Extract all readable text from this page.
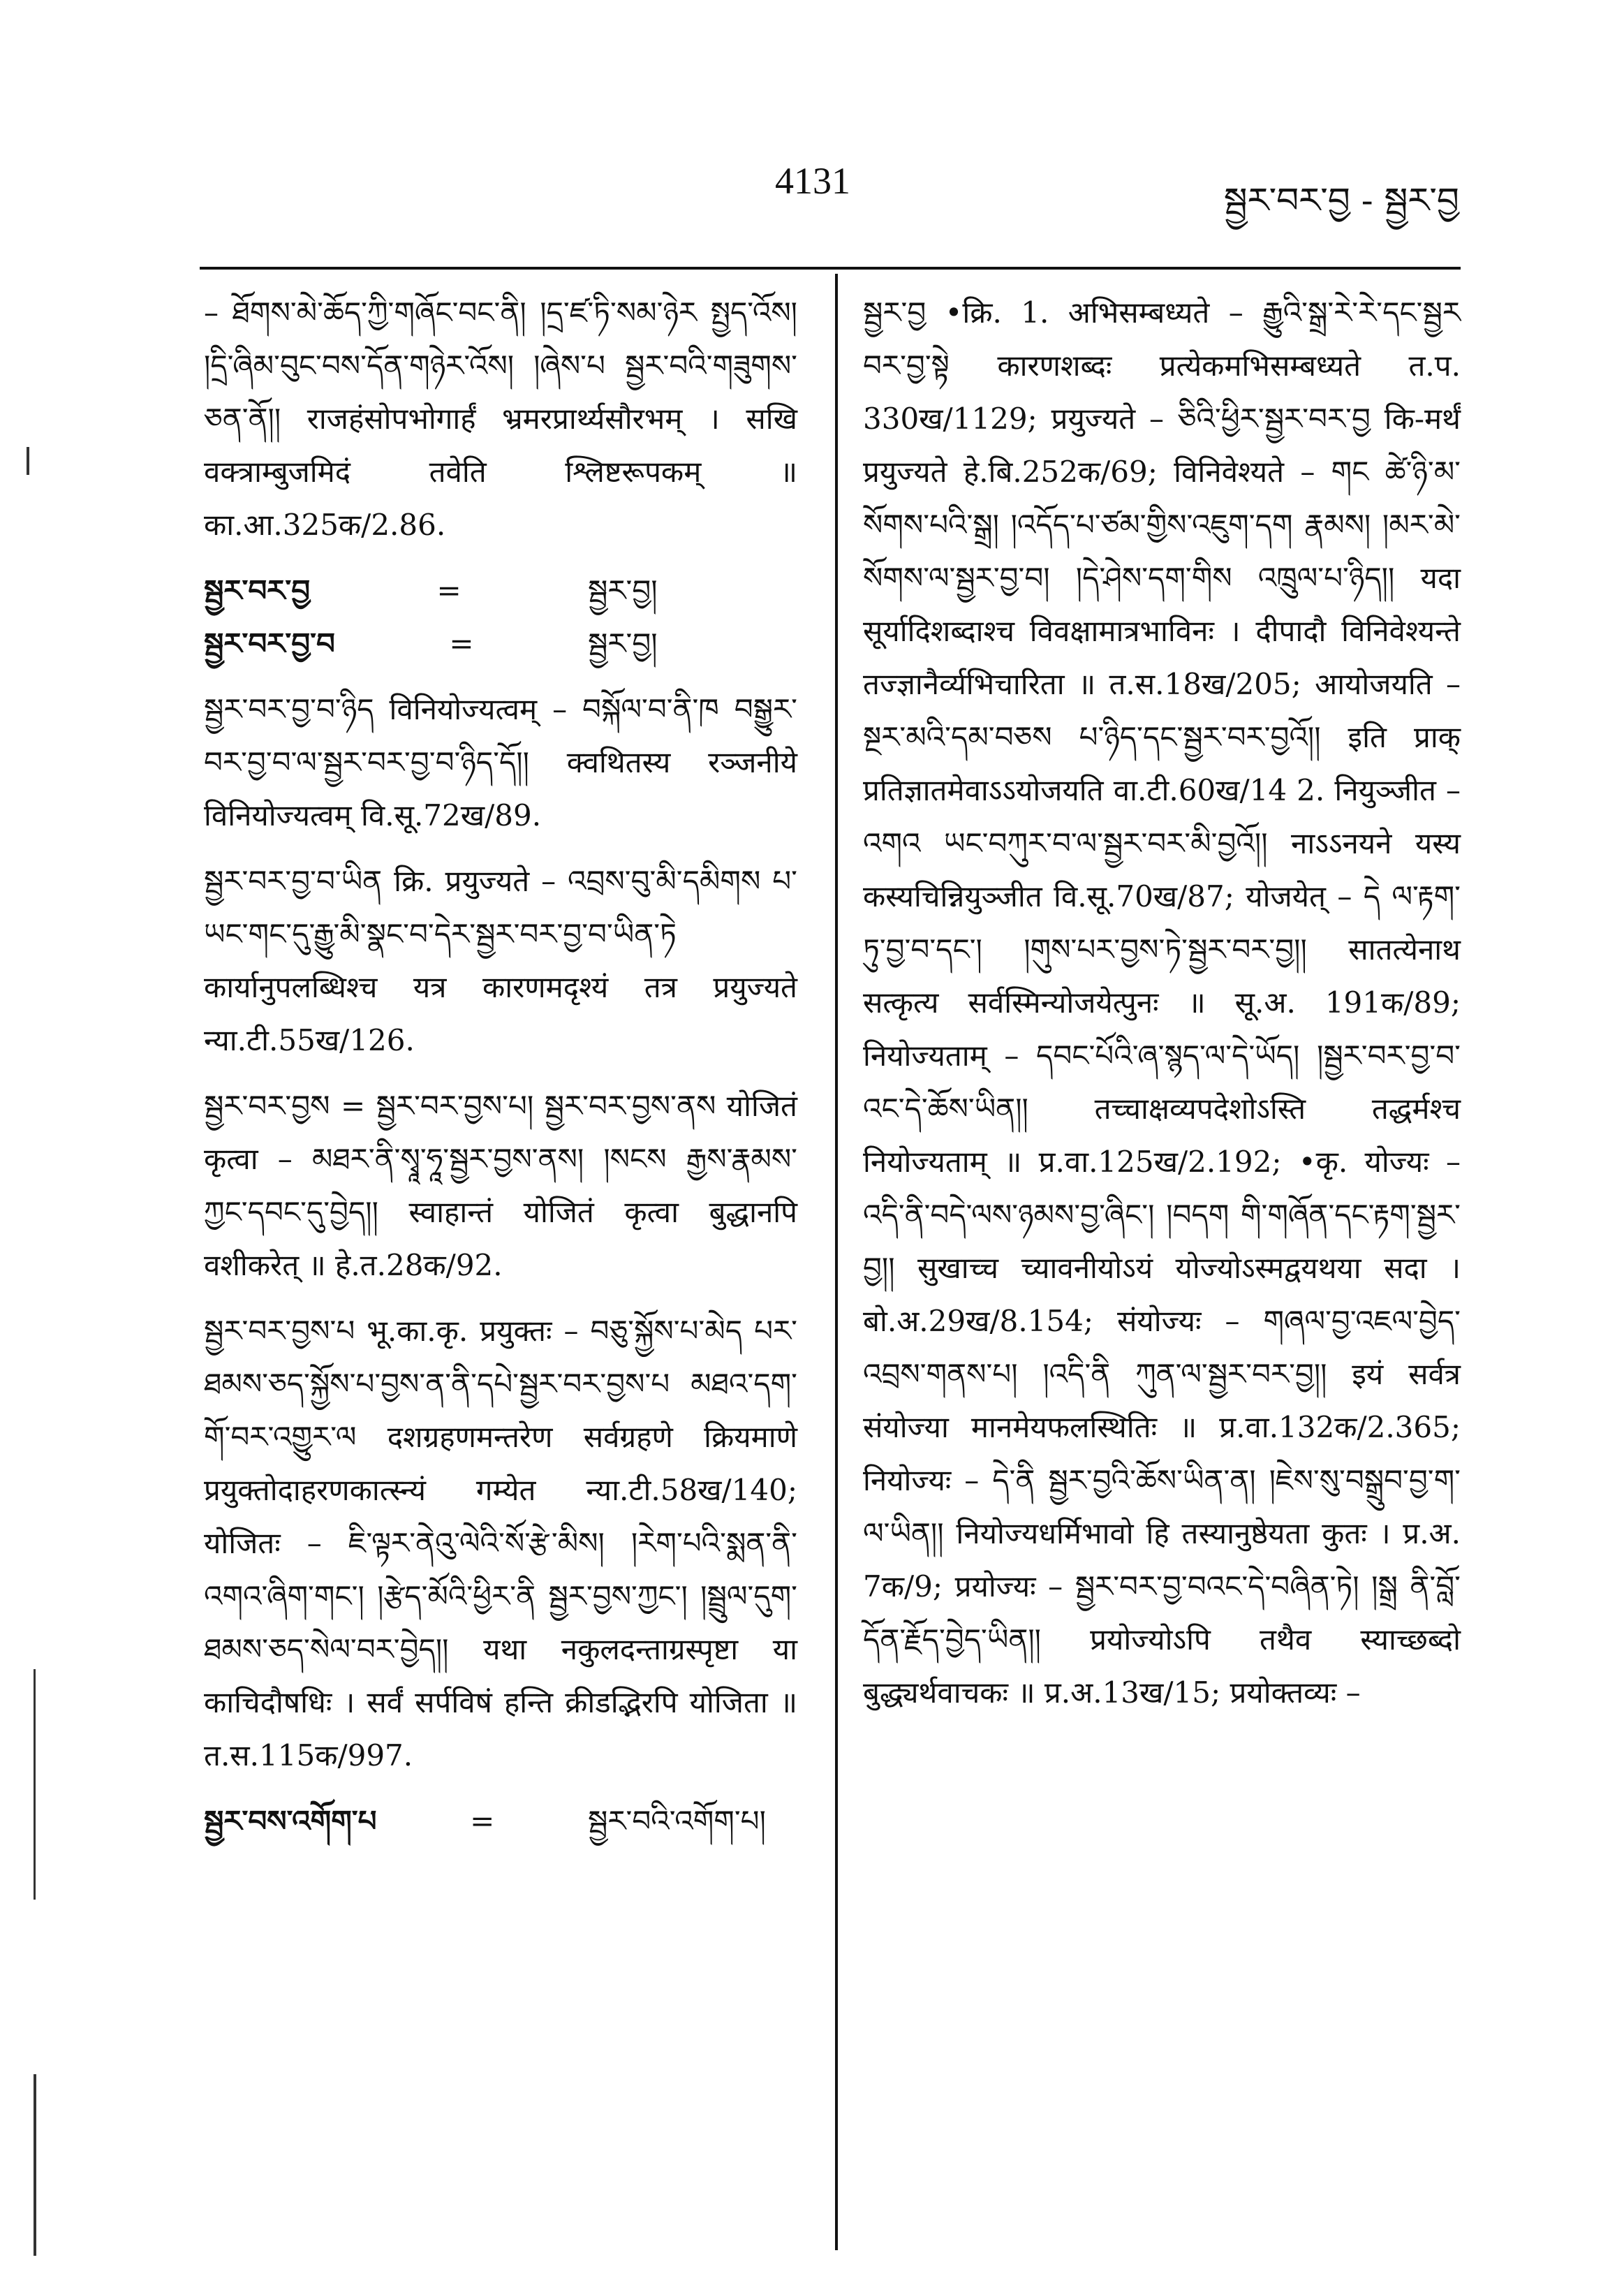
4131	སྦྱར་བར་བྱ - སྦྱར་བྱ

– ཐོགས་མེ་ཆོད་ཀྱི་གཞོང་བང་ནི། །དྲ་ཛ་ཏི་སམ་ཉེར སྤྱད་འོས། །དྲི་ཞིམ་བུང་བས་དོན་གཉེར་འོས། །ཞེས་པ སྦྱར་བའི་གཟུགས་ཅན་ནོ།། राजहंसोपभोगार्हं भ्रमरप्रार्थ्यसौरभम् । सखि वक्त्राम्बुजमिदं तवेति श्लिष्टरूपकम् ॥ का.आ.325क/2.86.

སྦྱར་བར་བྱ	=	སྦྱར་བྱ།
སྦྱར་བར་བྱ་བ	=	སྦྱར་བྱ།

སྦྱར་བར་བྱ་བ་ཉིད विनियोज्यत्वम् – བསྐོལ་བ་ནི་ཁ བསྒྱུར་བར་བྱ་བ་ལ་སྦྱར་བར་བྱ་བ་ཉིད་དོ།། क्वथितस्य रञ्जनीये विनियोज्यत्वम् वि.सू.72ख/89.

སྦྱར་བར་བྱ་བ་ཡིན क्रि. प्रयुज्यते – འབྲས་བུ་མི་དམིགས པ་ཡང་གང་དུ་རྒྱུ་མི་སྣང་བ་དེར་སྦྱར་བར་བྱ་བ་ཡིན་ཏེ कार्यानुपलब्धिश्च यत्र कारणमदृश्यं तत्र प्रयुज्यते न्या.टी.55ख/126.

སྦྱར་བར་བྱས = སྦྱར་བར་བྱས་པ། སྦྱར་བར་བྱས་ནས योजितं कृत्वा – མཐར་ནི་སྭཱ་ཧཱ་སྦྱར་བྱས་ནས། །སངས རྒྱས་རྣམས་ཀྱང་དབང་དུ་བྱེད།། स्वाहान्तं योजितं कृत्वा बुद्धानपि वशीकरेत् ॥ हे.त.28क/92.

སྦྱར་བར་བྱས་པ भू.का.कृ. प्रयुक्तः – བཅུ་སྐྱོས་པ་མེད པར་ཐམས་ཅད་སྐྱོས་པ་བྱས་ན་ནི་དཔེ་སྦྱར་བར་བྱས་པ མཐའ་དག་གོ་བར་འགྱུར་ལ दशग्रहणमन्तरेण सर्वग्रहणे क्रियमाणे प्रयुक्तोदाहरणकात्स्न्यं गम्येत न्या.टी.58ख/140; योजितः – ཇི་ལྟར་ནེའུ་ལེའི་སོ་རྩེ་མིས། །རེག་པའི་སྨན་ནི་འགའ་ཞིག་གང་། །རྩེད་མོའི་ཕྱིར་ནི སྦྱར་བྱས་ཀྱང་། །སྦྲུལ་དུག་ཐམས་ཅད་སེལ་བར་བྱེད།། यथा नकुलदन्ताग्रस्पृष्टा या काचिदौषधिः । सर्वं सर्पविषं हन्ति क्रीडद्भिरपि योजिता ॥ त.स.115क/997.

སྦྱར་བས་འགོག་པ	=	སྦྱར་བའི་འགོག་པ།

སྦྱར་བྱ •क्रि. 1. अभिसम्बध्यते – རྒྱུའི་སྒྲ་རེ་རེ་དང་སྦྱར བར་བྱ་སྟེ कारणशब्दः प्रत्येकमभिसम्बध्यते त.प. 330ख/1129; प्रयुज्यते – ཅིའི་ཕྱིར་སྦྱར་བར་བྱ कि-मर्थं प्रयुज्यते हे.बि.252क/69; विनिवेश्यते – གང ཚེ་ཉི་མ་སོགས་པའི་སྒྲ། །འདོད་པ་ཙམ་གྱིས་འཇུག་དག རྣམས། །མར་མེ་སོགས་ལ་སྦྱར་བྱ་བ། །དེ་ཤེས་དག་གིས འཁྲུལ་པ་ཉིད།། यदा सूर्यादिशब्दाश्च विवक्षामात्रभाविनः । दीपादौ विनिवेश्यन्ते तज्ज्ञानैर्व्यभिचारिता ॥ त.स.18ख/205; आयोजयति – སྔར་མའི་དམ་བཅས པ་ཉིད་དང་སྦྱར་བར་བྱའོ།། इति प्राक् प्रतिज्ञातमेवाऽऽयोजयति वा.टी.60ख/14 2. नियुञ्जीत – འགའ ཡང་བཀུར་བ་ལ་སྦྱར་བར་མི་བྱའོ།། नाऽऽनयने यस्य कस्यचिन्नियुञ्जीत वि.सू.70ख/87; योजयेत् – དེ ལ་རྟག་ཏུ་བྱ་བ་དང་། །གུས་པར་བྱས་ཏེ་སྦྱར་བར་བྱ།། सातत्येनाथ सत्कृत्य सर्वस्मिन्योजयेत्पुनः ॥ सू.अ. 191क/89; नियोज्यताम् – དབང་པོའི་ཞ་སྙད་ལ་དེ་ཡོད། །སྦྱར་བར་བྱ་བ་འང་དེ་ཆོས་ཡིན།། तच्चाक्षव्यपदेशोऽस्ति तद्धर्मश्च नियोज्यताम् ॥ प्र.वा.125ख/2.192; •कृ. योज्यः – འདི་ནི་བདེ་ལས་ཉམས་བྱ་ཞིང་། །བདག གི་གཞོན་དང་རྟག་སྦྱར་བྱ།། सुखाच्च च्यावनीयोऽयं योज्योऽस्मद्वयथया सदा । बो.अ.29ख/8.154; संयोज्यः – གཞལ་བྱ་འཇལ་བྱེད་འབྲས་གནས་པ། །འདི་ནི ཀུན་ལ་སྦྱར་བར་བྱ།། इयं सर्वत्र संयोज्या मानमेयफलस्थितिः ॥ प्र.वा.132क/2.365; नियोज्यः – དེ་ནི སྦྱར་བྱའི་ཆོས་ཡིན་ན། །ཇེས་སུ་བསྒྲུབ་བྱ་ག་ལ་ཡིན།། नियोज्यधर्मिभावो हि तस्यानुष्ठेयता कुतः । प्र.अ. 7क/9; प्रयोज्यः – སྦྱར་བར་བྱ་བའང་དེ་བཞིན་ཏེ། །སྒྲ ནི་བློ་དོན་རྗོད་བྱེད་ཡིན།། प्रयोज्योऽपि तथैव स्याच्छब्दो बुद्ध्यर्थवाचकः ॥ प्र.अ.13ख/15; प्रयोक्तव्यः –
